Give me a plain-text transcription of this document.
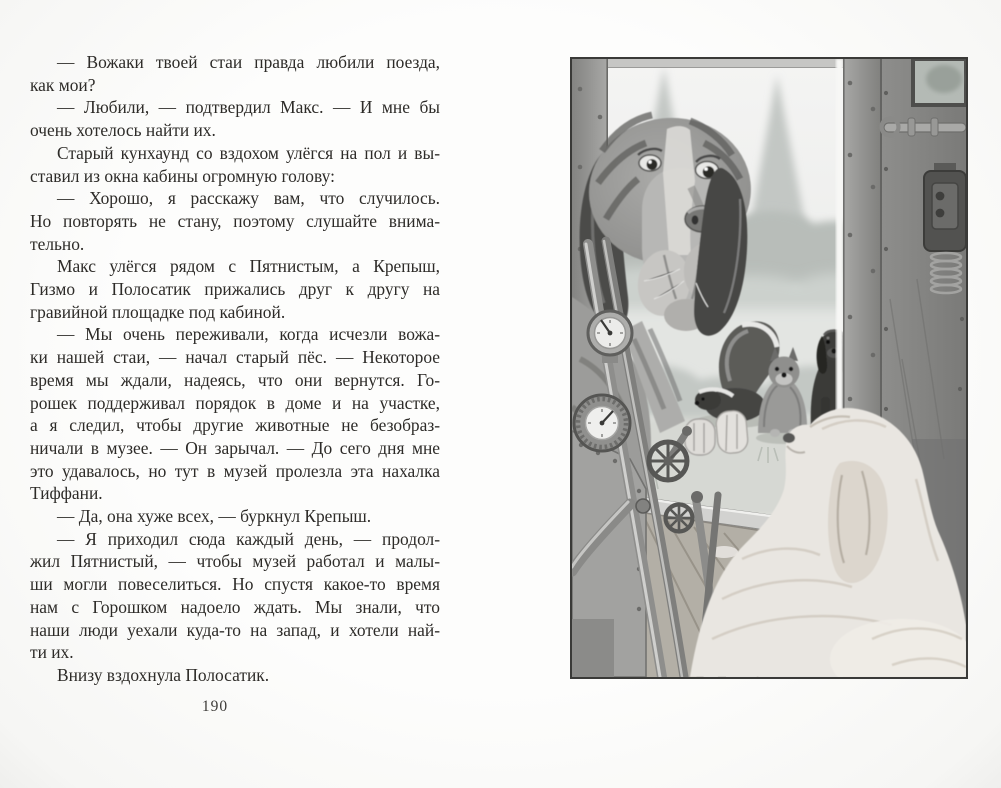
— Вожаки твоей стаи правда любили поезда,
как мои?
— Любили, — подтвердил Макс. — И мне бы
очень хотелось найти их.
Старый кунхаунд со вздохом улёгся на пол и вы-
ставил из окна кабины огромную голову:
— Хорошо, я расскажу вам, что случилось.
Но повторять не стану, поэтому слушайте внима-
тельно.
Макс улёгся рядом с Пятнистым, а Крепыш,
Гизмо и Полосатик прижались друг к другу на
гравийной площадке под кабиной.
— Мы очень переживали, когда исчезли вожа-
ки нашей стаи, — начал старый пёс. — Некоторое
время мы ждали, надеясь, что они вернутся. Го-
рошек поддерживал порядок в доме и на участке,
а я следил, чтобы другие животные не безобраз-
ничали в музее. — Он зарычал. — До сего дня мне
это удавалось, но тут в музей пролезла эта нахалка
Тиффани.
— Да, она хуже всех, — буркнул Крепыш.
— Я приходил сюда каждый день, — продол-
жил Пятнистый, — чтобы музей работал и малы-
ши могли повеселиться. Но спустя какое-то время
нам с Горошком надоело ждать. Мы знали, что
наши люди уехали куда-то на запад, и хотели най-
ти их.
Внизу вздохнула Полосатик.
190
